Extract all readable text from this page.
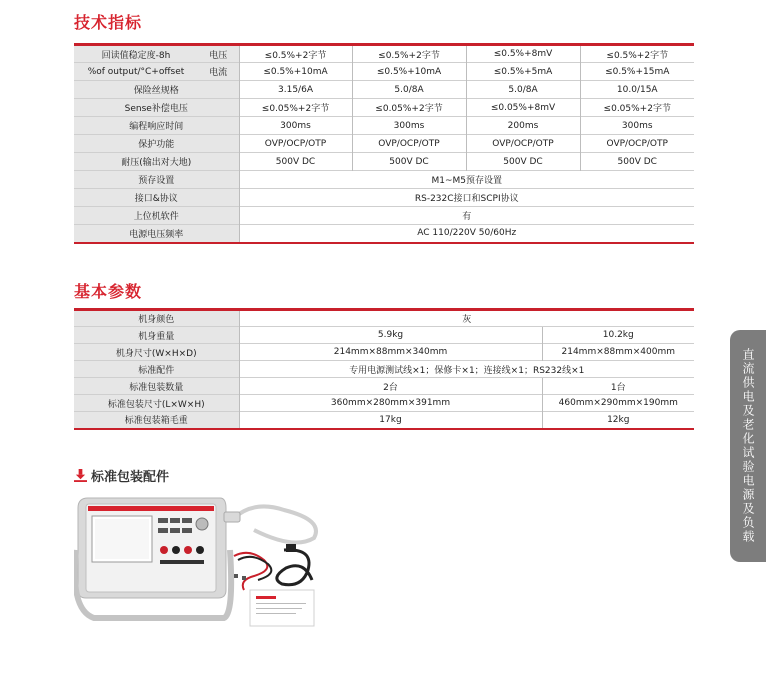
技术指标
回读值稳定度-8h	电压	≤0.5%+2字节	≤0.5%+2字节	≤0.5%+8mV	≤0.5%+2字节
%of output/°C+offset	电流	≤0.5%+10mA	≤0.5%+10mA	≤0.5%+5mA	≤0.5%+15mA
保险丝规格		3.15/6A	5.0/8A	5.0/8A	10.0/15A
Sense补偿电压		≤0.05%+2字节	≤0.05%+2字节	≤0.05%+8mV	≤0.05%+2字节
编程响应时间		300ms	300ms	200ms	300ms
保护功能		OVP/OCP/OTP	OVP/OCP/OTP	OVP/OCP/OTP	OVP/OCP/OTP
耐压(输出对大地)		500V DC	500V DC	500V DC	500V DC
预存设置		M1~M5预存设置			
接口&协议		RS-232C接口和SCPI协议			
上位机软件		有			
电源电压频率		AC 110/220V 50/60Hz			
基本参数
机身颜色	灰	
机身重量	5.9kg	10.2kg
机身尺寸(W×H×D)	214mm×88mm×340mm	214mm×88mm×400mm
标准配件	专用电源测试线×1；保修卡×1；连接线×1；RS232线×1	
标准包装数量	2台	1台
标准包装尺寸(L×W×H)	360mm×280mm×391mm	460mm×290mm×190mm
标准包装箱毛重	17kg	12kg
标准包装配件	直流供电及老化试验电源及负载
